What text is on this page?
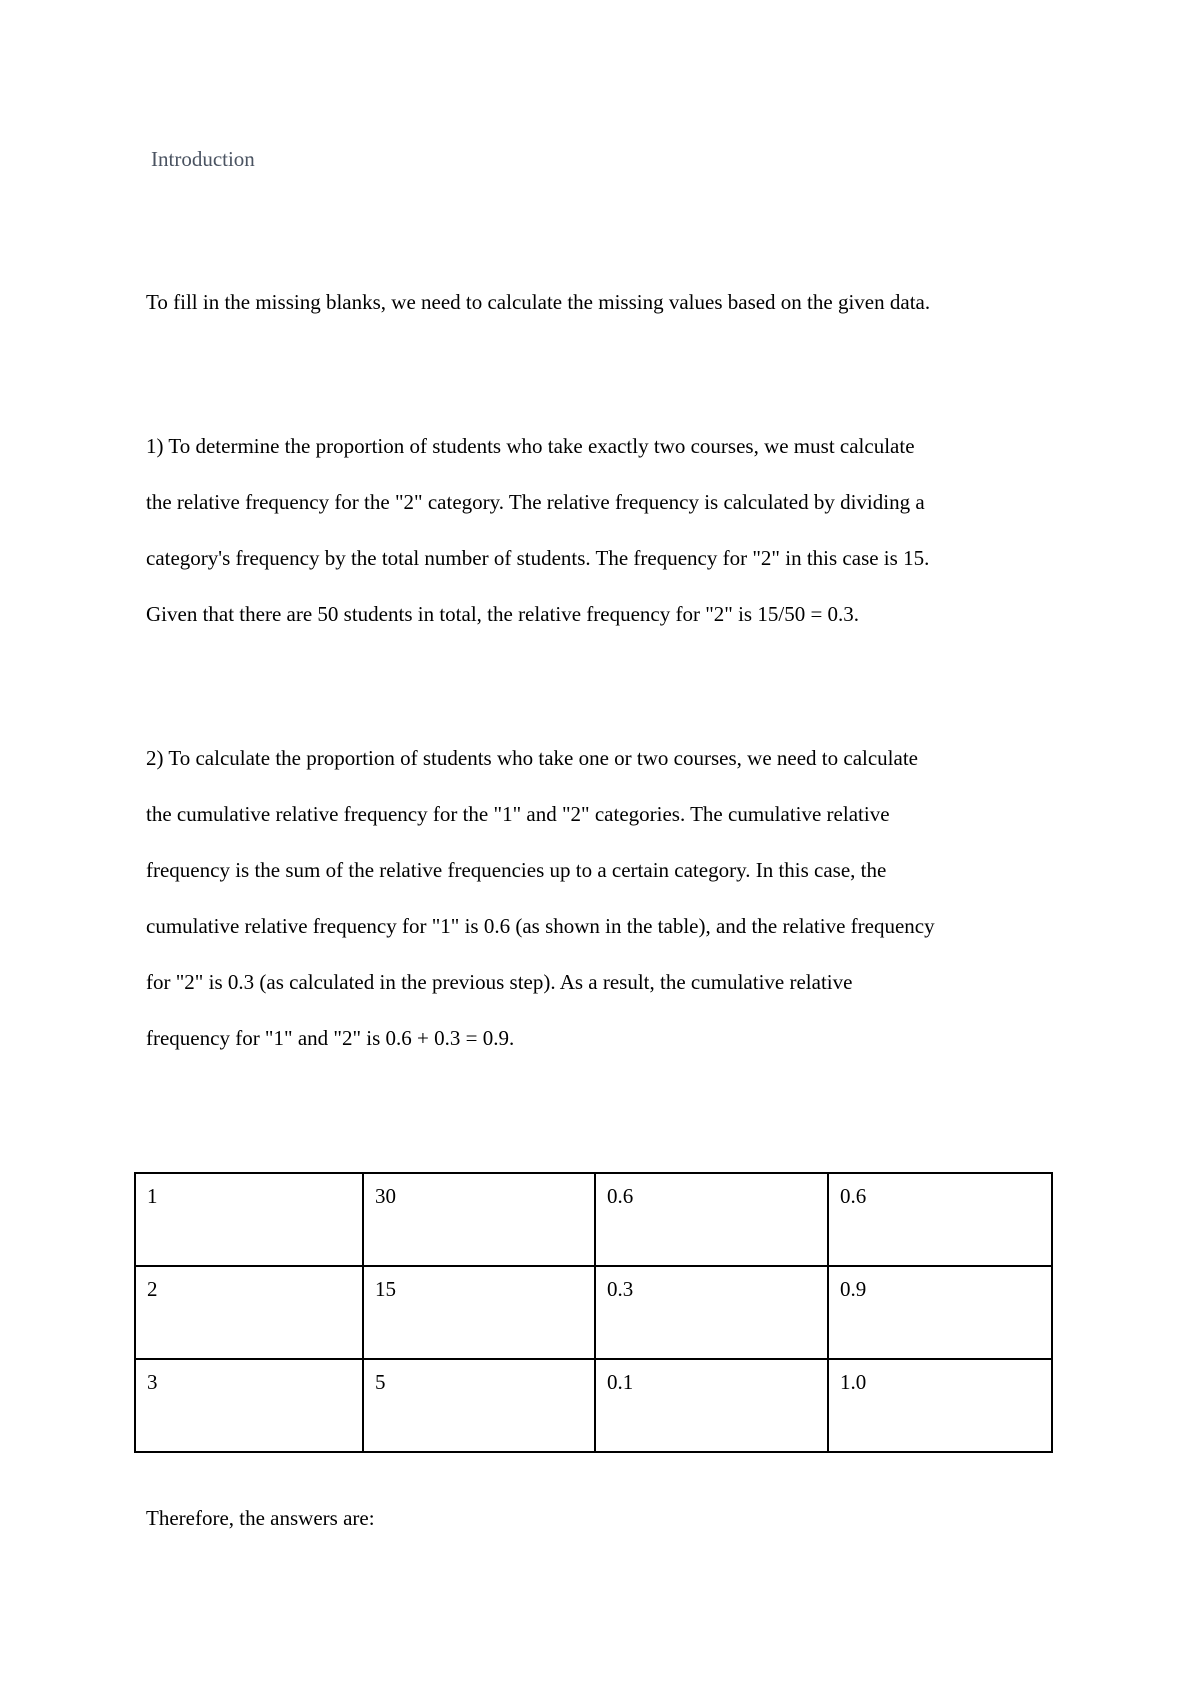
Introduction
To fill in the missing blanks, we need to calculate the missing values based on the given data.
1) To determine the proportion of students who take exactly two courses, we must calculate
the relative frequency for the "2" category. The relative frequency is calculated by dividing a
category's frequency by the total number of students. The frequency for "2" in this case is 15.
Given that there are 50 students in total, the relative frequency for "2" is 15/50 = 0.3.
2) To calculate the proportion of students who take one or two courses, we need to calculate
the cumulative relative frequency for the "1" and "2" categories. The cumulative relative
frequency is the sum of the relative frequencies up to a certain category. In this case, the
cumulative relative frequency for "1" is 0.6 (as shown in the table), and the relative frequency
for "2" is 0.3 (as calculated in the previous step). As a result, the cumulative relative
frequency for "1" and "2" is 0.6 + 0.3 = 0.9.
1	30	0.6	0.6
2	15	0.3	0.9
3	5	0.1	1.0
Therefore, the answers are:
